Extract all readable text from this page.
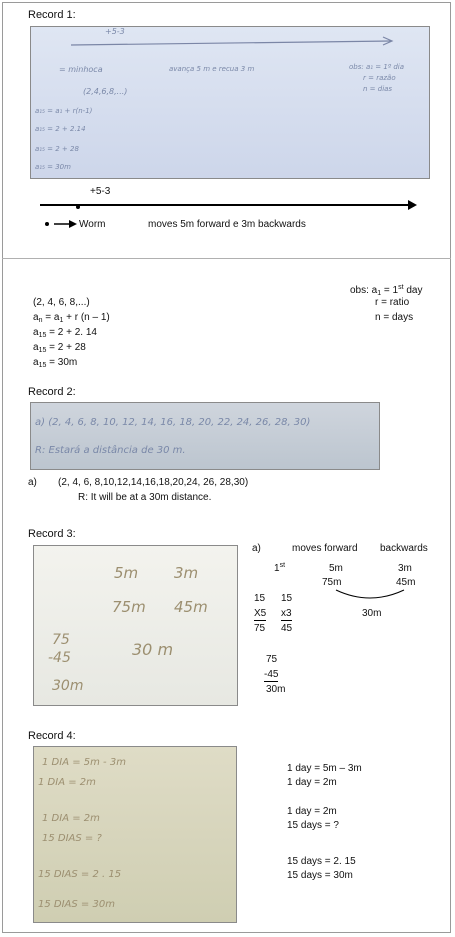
Record 1:
+5-3
= minhoca	avança 5 m e recua 3 m	obs: a₁ = 1º dia
r = razão
n = dias
(2,4,6,8,...)
a₁₅ = a₁ + r(n-1)
a₁₅ = 2 + 2.14
a₁₅ = 2 + 28
a₁₅ = 30m
+5-3
Worm	moves 5m forward e 3m backwards
obs: $a_1 = 1st$ day
r = ratio
n = days
(2, 4, 6, 8,...)
$a_n = a_1 + r$ (n – 1)
$a_{15} = 2 + 2$. 14
$a_{15} = 2 + 28$
$a_{15} = 30m$
Record 2:
a) (2, 4, 6, 8, 10, 12, 14, 16, 18, 20, 22, 24, 26, 28, 30)
R: Estará a distância de 30 m.
a) (2, 4, 6, 8,10,12,14,16,18,20,24, 26, 28,30)
R: It will be at a 30m distance.
Record 3:
5m 3m
75m 45m
75
-45
30m
30 m
a)	moves forward backwards
1st	5m	3m
75m	45m
30m
15 15
X5 x3
75 45
75
-45
30m
Record 4:
1 DIA = 5m - 3m
1 DIA = 2m
1 DIA = 2m
15 DIAS = ?
15 DIAS = 2 . 15
15 DIAS = 30m
1 day = 5m – 3m
1 day = 2m
1 day = 2m
15 days = ?
15 days = 2. 15
15 days = 30m
